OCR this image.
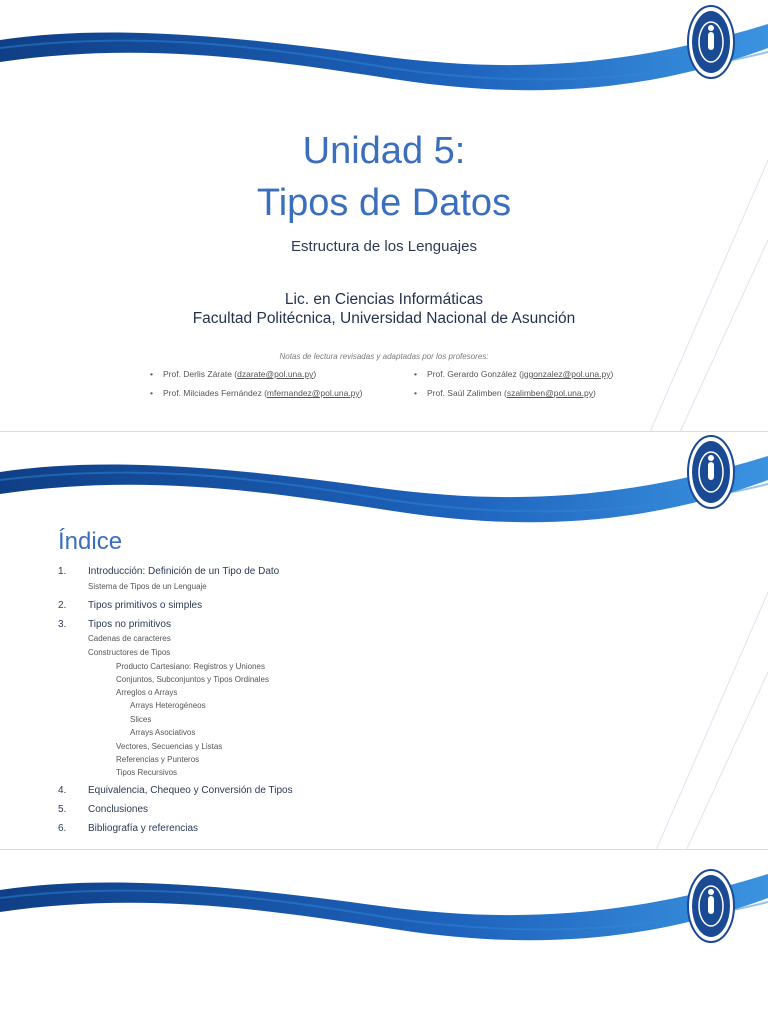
Unidad 5:
Tipos de Datos
Estructura de los Lenguajes
Lic. en Ciencias Informáticas
Facultad Politécnica, Universidad Nacional de Asunción
Notas de lectura revisadas y adaptadas por los profesores:
• Prof. Derlis Zárate (dzarate@pol.una.py)	• Prof. Gerardo González (jggonzalez@pol.una.py)
• Prof. Milciades Fernández (mfernandez@pol.una.py)	• Prof. Saúl Zalimben (szalimben@pol.una.py)
Índice
1. Introducción: Definición de un Tipo de Dato
Sistema de Tipos de un Lenguaje
2. Tipos primitivos o simples
3. Tipos no primitivos
Cadenas de caracteres
Constructores de Tipos
Producto Cartesiano: Registros y Uniones
Conjuntos, Subconjuntos y Tipos Ordinales
Arreglos o Arrays
Arrays Heterogéneos
Slices
Arrays Asociativos
Vectores, Secuencias y Listas
Referencias y Punteros
Tipos Recursivos
4. Equivalencia, Chequeo y Conversión de Tipos
5. Conclusiones
6. Bibliografía y referencias
